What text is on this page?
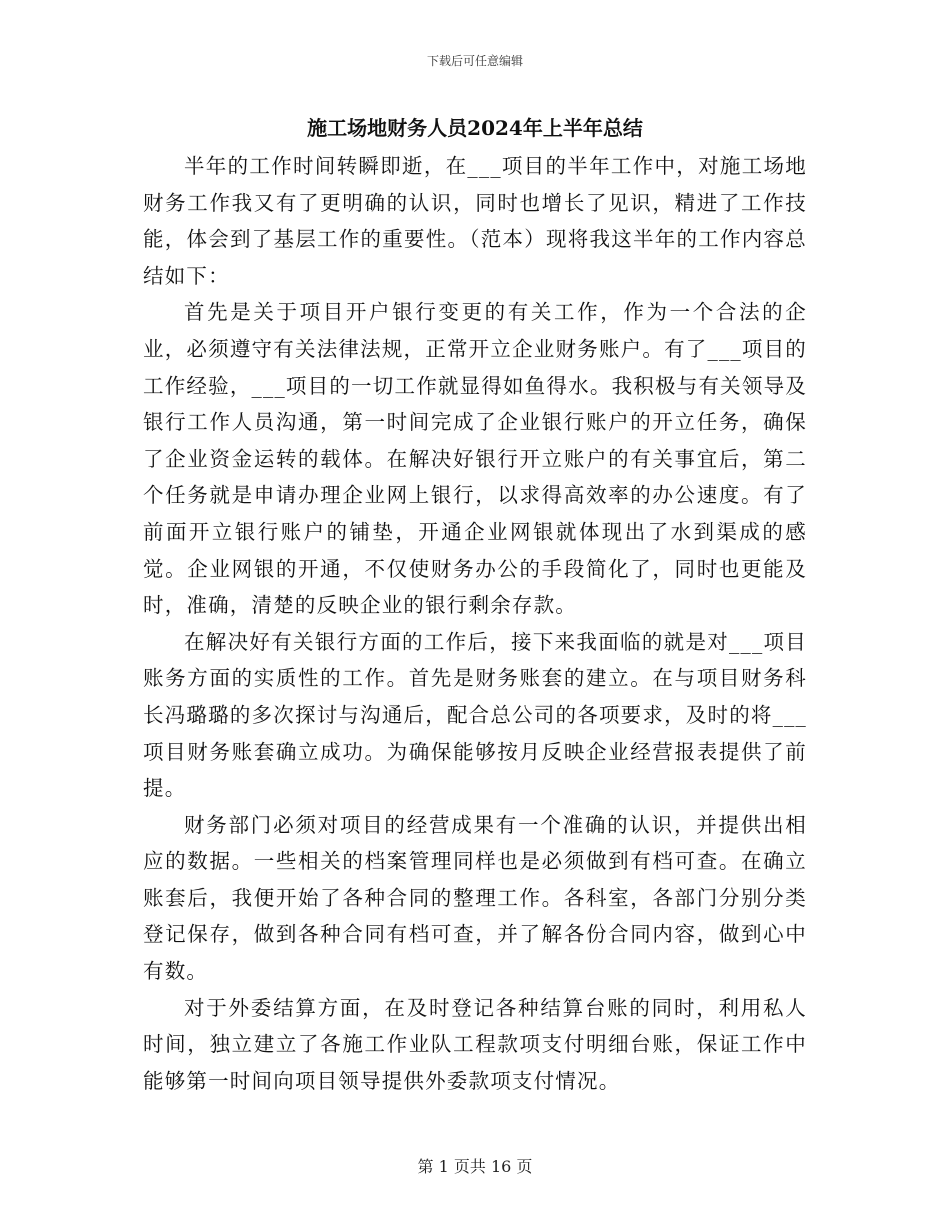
下载后可任意编辑
施工场地财务人员2024年上半年总结

半年的工作时间转瞬即逝，在___项目的半年工作中，对施工场地财务工作我又有了更明确的认识，同时也增长了见识，精进了工作技能，体会到了基层工作的重要性。（范本）现将我这半年的工作内容总结如下：

首先是关于项目开户银行变更的有关工作，作为一个合法的企业，必须遵守有关法律法规，正常开立企业财务账户。有了___项目的工作经验，___项目的一切工作就显得如鱼得水。我积极与有关领导及银行工作人员沟通，第一时间完成了企业银行账户的开立任务，确保了企业资金运转的载体。在解决好银行开立账户的有关事宜后，第二个任务就是申请办理企业网上银行，以求得高效率的办公速度。有了前面开立银行账户的铺垫，开通企业网银就体现出了水到渠成的感觉。企业网银的开通，不仅使财务办公的手段简化了，同时也更能及时，准确，清楚的反映企业的银行剩余存款。

在解决好有关银行方面的工作后，接下来我面临的就是对___项目账务方面的实质性的工作。首先是财务账套的建立。在与项目财务科长冯璐璐的多次探讨与沟通后，配合总公司的各项要求，及时的将___项目财务账套确立成功。为确保能够按月反映企业经营报表提供了前提。

财务部门必须对项目的经营成果有一个准确的认识，并提供出相应的数据。一些相关的档案管理同样也是必须做到有档可查。在确立账套后，我便开始了各种合同的整理工作。各科室，各部门分别分类登记保存，做到各种合同有档可查，并了解各份合同内容，做到心中有数。

对于外委结算方面，在及时登记各种结算台账的同时，利用私人时间，独立建立了各施工作业队工程款项支付明细台账，保证工作中能够第一时间向项目领导提供外委款项支付情况。

第 1 页共 16 页
